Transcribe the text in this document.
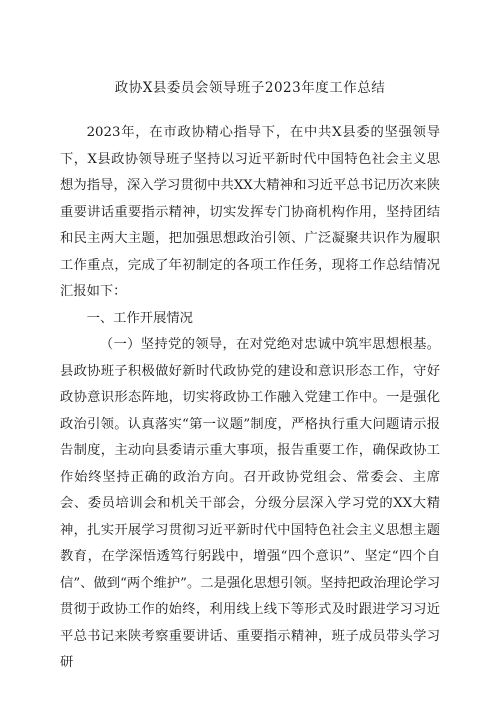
政协X县委员会领导班子2023年度工作总结

2023年，在市政协精心指导下，在中共X县委的坚强领导下，X县政协领导班子坚持以习近平新时代中国特色社会主义思想为指导，深入学习贯彻中共XX大精神和习近平总书记历次来陕重要讲话重要指示精神，切实发挥专门协商机构作用，坚持团结和民主两大主题，把加强思想政治引领、广泛凝聚共识作为履职工作重点，完成了年初制定的各项工作任务，现将工作总结情况汇报如下：

一、工作开展情况

（一）坚持党的领导，在对党绝对忠诚中筑牢思想根基。县政协班子积极做好新时代政协党的建设和意识形态工作，守好政协意识形态阵地，切实将政协工作融入党建工作中。一是强化政治引领。认真落实“第一议题”制度，严格执行重大问题请示报告制度，主动向县委请示重大事项，报告重要工作，确保政协工作始终坚持正确的政治方向。召开政协党组会、常委会、主席会、委员培训会和机关干部会，分级分层深入学习党的XX大精神，扎实开展学习贯彻习近平新时代中国特色社会主义思想主题教育，在学深悟透笃行躬践中，增强“四个意识”、坚定“四个自信”、做到“两个维护”。二是强化思想引领。坚持把政治理论学习贯彻于政协工作的始终，利用线上线下等形式及时跟进学习习近平总书记来陕考察重要讲话、重要指示精神，班子成员带头学习研
